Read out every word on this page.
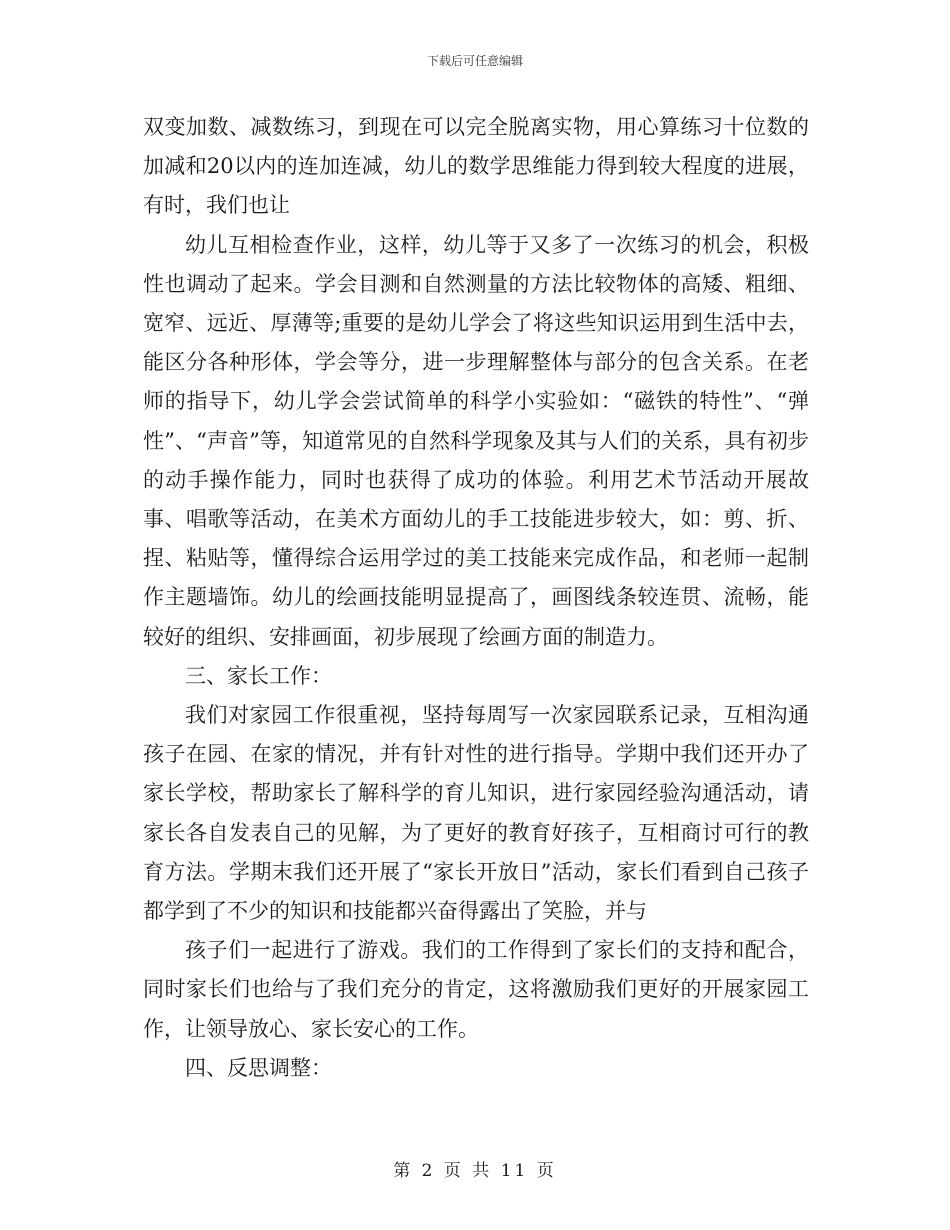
下载后可任意编辑

双变加数、减数练习，到现在可以完全脱离实物，用心算练习十位数的加减和20以内的连加连减，幼儿的数学思维能力得到较大程度的进展，有时，我们也让

幼儿互相检查作业，这样，幼儿等于又多了一次练习的机会，积极性也调动了起来。学会目测和自然测量的方法比较物体的高矮、粗细、宽窄、远近、厚薄等;重要的是幼儿学会了将这些知识运用到生活中去，能区分各种形体，学会等分，进一步理解整体与部分的包含关系。在老师的指导下，幼儿学会尝试简单的科学小实验如：“磁铁的特性”、“弹性”、“声音”等，知道常见的自然科学现象及其与人们的关系，具有初步的动手操作能力，同时也获得了成功的体验。利用艺术节活动开展故事、唱歌等活动，在美术方面幼儿的手工技能进步较大，如：剪、折、捏、粘贴等，懂得综合运用学过的美工技能来完成作品，和老师一起制作主题墙饰。幼儿的绘画技能明显提高了，画图线条较连贯、流畅，能较好的组织、安排画面，初步展现了绘画方面的制造力。

三、家长工作：

我们对家园工作很重视，坚持每周写一次家园联系记录，互相沟通孩子在园、在家的情况，并有针对性的进行指导。学期中我们还开办了家长学校，帮助家长了解科学的育儿知识，进行家园经验沟通活动，请家长各自发表自己的见解，为了更好的教育好孩子，互相商讨可行的教育方法。学期末我们还开展了“家长开放日”活动，家长们看到自己孩子都学到了不少的知识和技能都兴奋得露出了笑脸，并与

孩子们一起进行了游戏。我们的工作得到了家长们的支持和配合，同时家长们也给与了我们充分的肯定，这将激励我们更好的开展家园工作，让领导放心、家长安心的工作。

四、反思调整：

第 2 页 共 11 页
